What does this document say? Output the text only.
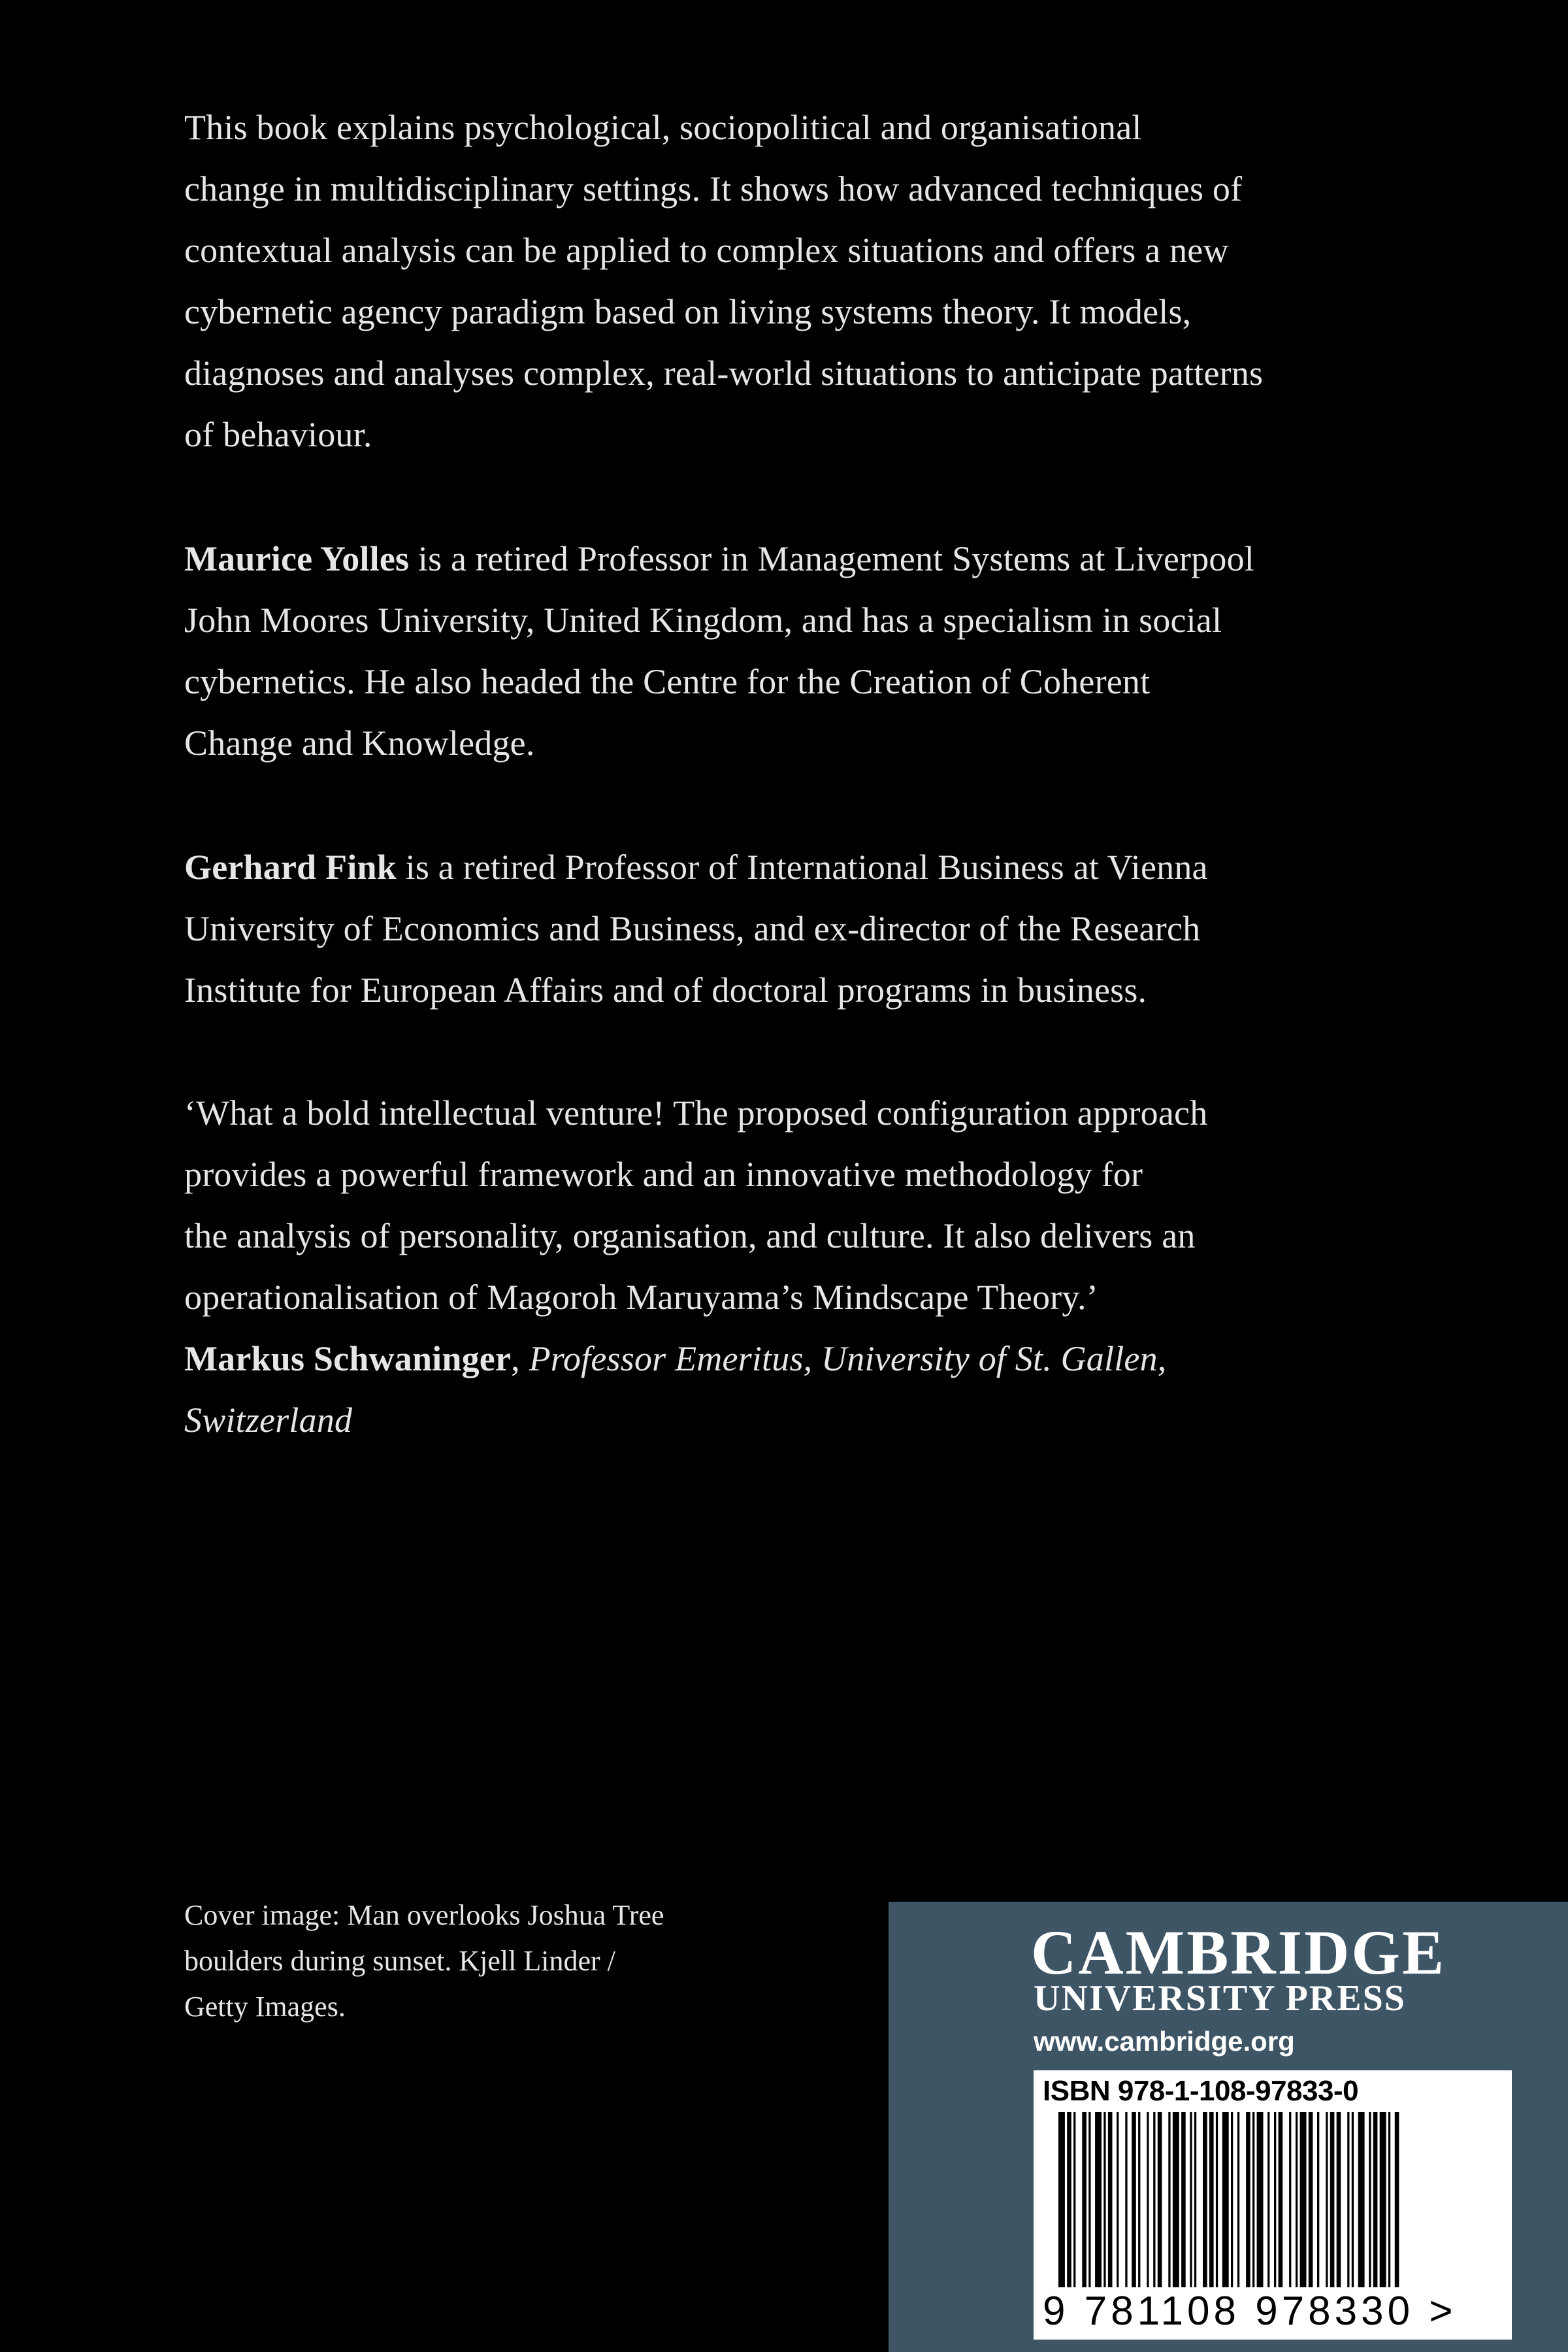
This book explains psychological, sociopolitical and organisational
change in multidisciplinary settings. It shows how advanced techniques of
contextual analysis can be applied to complex situations and offers a new
cybernetic agency paradigm based on living systems theory. It models,
diagnoses and analyses complex, real-world situations to anticipate patterns
of behaviour.
Maurice Yolles is a retired Professor in Management Systems at Liverpool
John Moores University, United Kingdom, and has a specialism in social
cybernetics. He also headed the Centre for the Creation of Coherent
Change and Knowledge.
Gerhard Fink is a retired Professor of International Business at Vienna
University of Economics and Business, and ex-director of the Research
Institute for European Affairs and of doctoral programs in business.
‘What a bold intellectual venture! The proposed configuration approach
provides a powerful framework and an innovative methodology for
the analysis of personality, organisation, and culture. It also delivers an
operationalisation of Magoroh Maruyama’s Mindscape Theory.’
Markus Schwaninger, Professor Emeritus, University of St. Gallen,
Switzerland
Cover image: Man overlooks Joshua Tree
boulders during sunset. Kjell Linder /
Getty Images.
CAMBRIDGE
UNIVERSITY PRESS
www.cambridge.org
ISBN 978-1-108-97833-0
9 781108 978330 >
